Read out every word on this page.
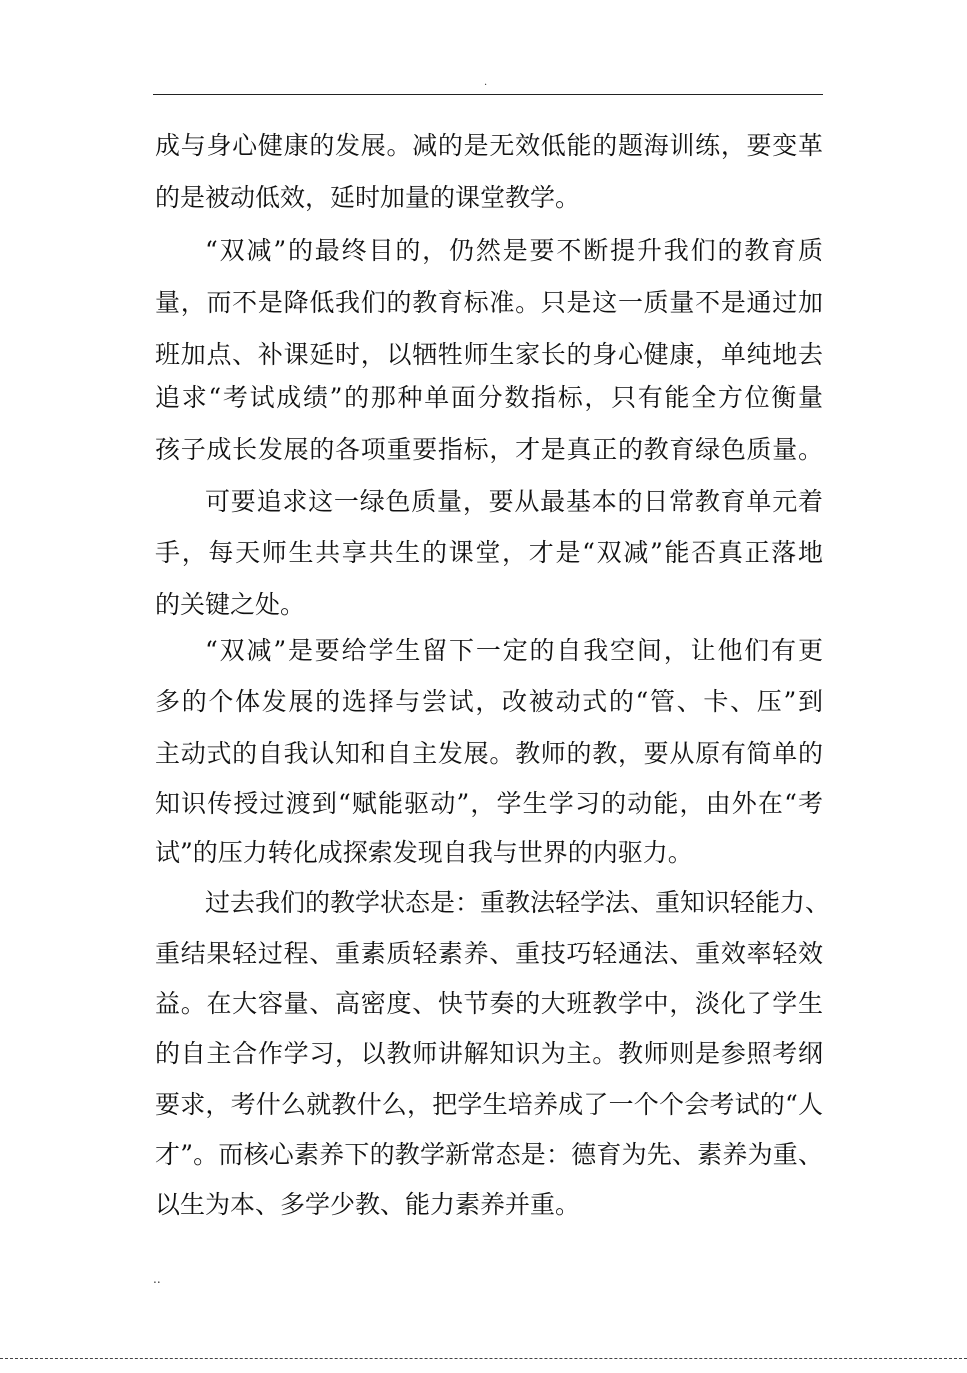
.
成与身心健康的发展。减的是无效低能的题海训练，要变革
的是被动低效，延时加量的课堂教学。
“双减”的最终目的，仍然是要不断提升我们的教育质
量，而不是降低我们的教育标准。只是这一质量不是通过加
班加点、补课延时，以牺牲师生家长的身心健康，单纯地去
追求“考试成绩”的那种单面分数指标，只有能全方位衡量
孩子成长发展的各项重要指标，才是真正的教育绿色质量。
可要追求这一绿色质量，要从最基本的日常教育单元着
手，每天师生共享共生的课堂，才是“双减”能否真正落地
的关键之处。
“双减”是要给学生留下一定的自我空间，让他们有更
多的个体发展的选择与尝试，改被动式的“管、卡、压”到
主动式的自我认知和自主发展。教师的教，要从原有简单的
知识传授过渡到“赋能驱动”，学生学习的动能，由外在“考
试”的压力转化成探索发现自我与世界的内驱力。
过去我们的教学状态是：重教法轻学法、重知识轻能力、
重结果轻过程、重素质轻素养、重技巧轻通法、重效率轻效
益。在大容量、高密度、快节奏的大班教学中，淡化了学生
的自主合作学习，以教师讲解知识为主。教师则是参照考纲
要求，考什么就教什么，把学生培养成了一个个会考试的“人
才”。而核心素养下的教学新常态是：德育为先、素养为重、
以生为本、多学少教、能力素养并重。
..
